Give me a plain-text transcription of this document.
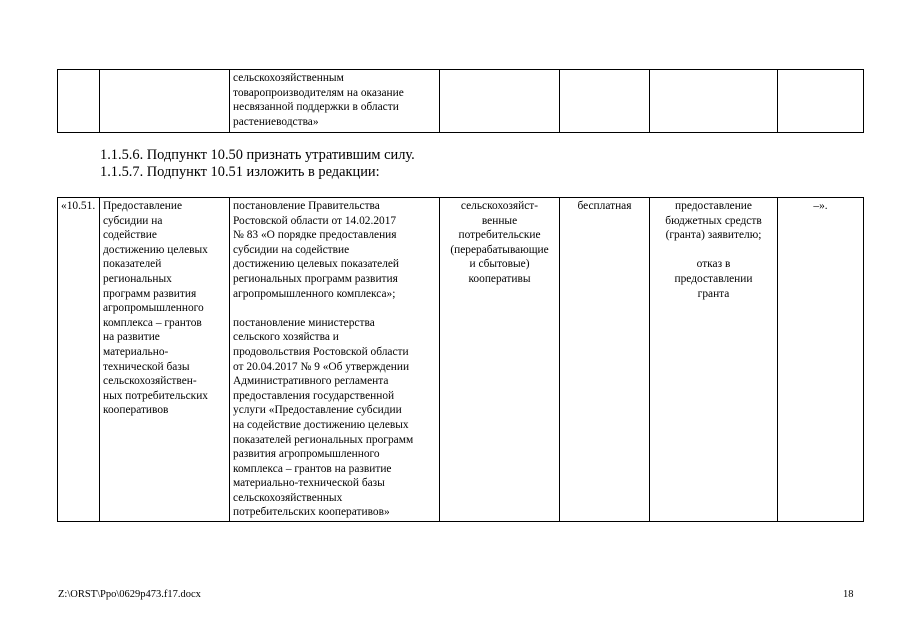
		сельскохозяйственным
товаропроизводителям на оказание
несвязанной поддержки в области
растениеводства»				
1.1.5.6. Подпункт 10.50 признать утратившим силу.
1.1.5.7. Подпункт 10.51 изложить в редакции:
«10.51.	Предоставление
субсидии на
содействие
достижению целевых
показателей
региональных
программ развития
агропромышленного
комплекса – грантов
на развитие
материально-
технической базы
сельскохозяйствен-
ных потребительских
кооперативов	постановление Правительства
Ростовской области от 14.02.2017
№ 83 «О порядке предоставления
субсидии на содействие
достижению целевых показателей
региональных программ развития
агропромышленного комплекса»;

постановление министерства
сельского хозяйства и
продовольствия Ростовской области
от 20.04.2017 № 9 «Об утверждении
Административного регламента
предоставления государственной
услуги «Предоставление субсидии
на содействие достижению целевых
показателей региональных программ
развития агропромышленного
комплекса – грантов на развитие
материально-технической базы
сельскохозяйственных
потребительских кооперативов»	сельскохозяйст-
венные
потребительские
(перерабатывающие
и сбытовые)
кооперативы	бесплатная	предоставление
бюджетных средств
(гранта) заявителю;

отказ в
предоставлении
гранта	–».
Z:\ORST\Ppo\0629p473.f17.docx	18
